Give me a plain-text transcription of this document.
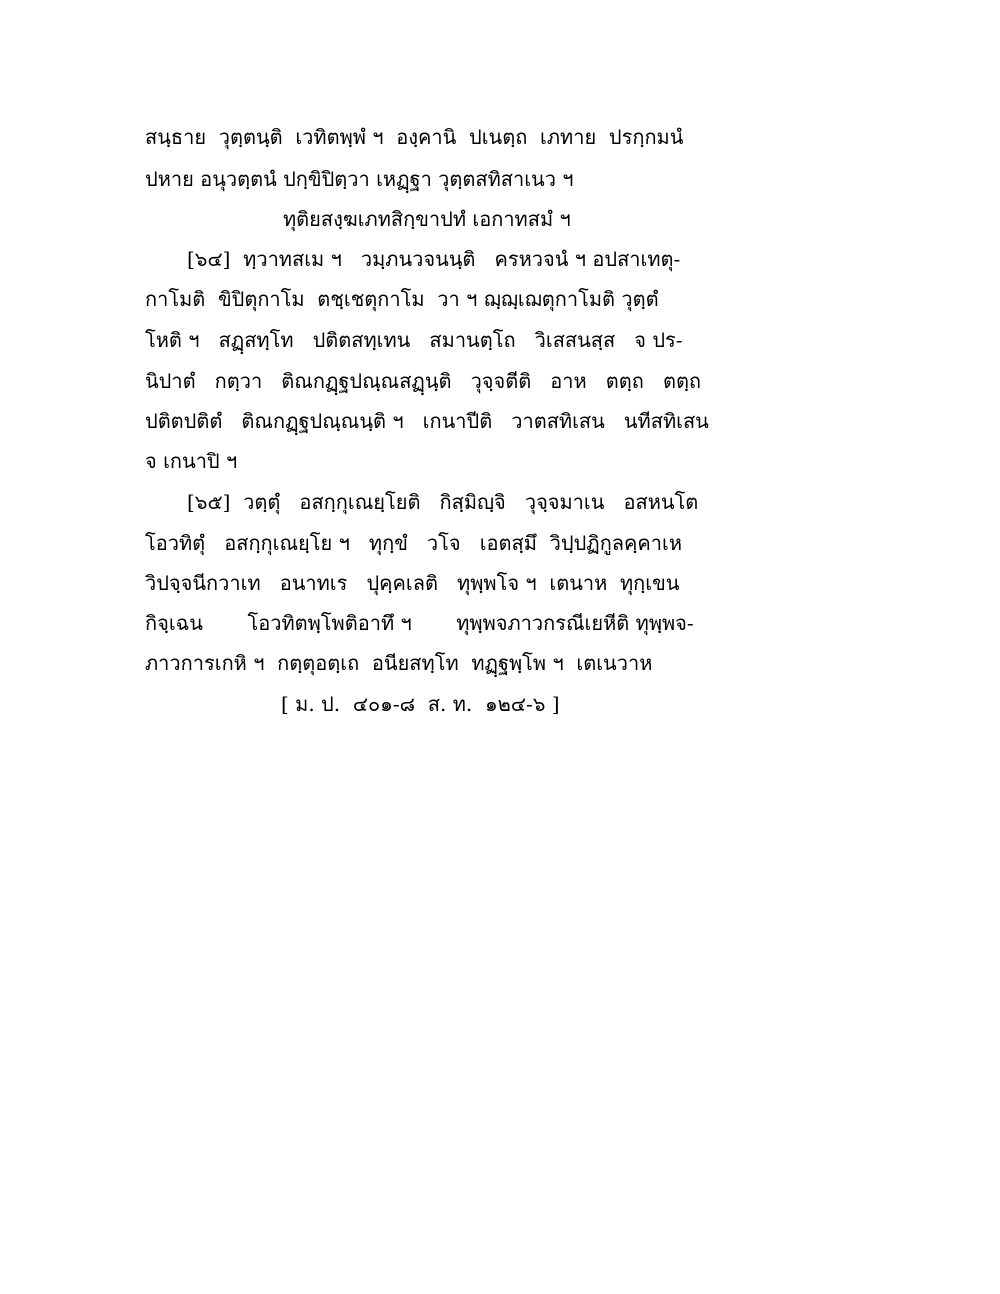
สนฺธาย  วุตฺตนฺติ  เวทิตพฺพํ ฯ  องฺคานิ  ปเนตฺถ  เภทาย  ปรกฺกมนํ
ปหาย อนุวตฺตนํ ปกฺขิปิตฺวา เหฏฺฐา วุตฺตสทิสาเนว ฯ
ทุติยสงฺฆเภทสิกฺขาปทํ เอกาทสมํ ฯ
[๖๔]  ทฺวาทสเม ฯ   วมฺภนวจนนฺติ   ครหวจนํ ฯ อปสาเทตุ-
กาโมติ  ขิปิตุกาโม  ตชฺเชตุกาโม  วา ฯ ฌฺฌฺเฌตุกาโมติ วุตฺตํ
โหติ ฯ   สฏฺสทฺโท   ปติตสทฺเทน   สมานตฺโถ   วิเสสนสฺส   จ ปร-
นิปาตํ   กตฺวา   ติณกฏฺฐปณฺณสฏฺนฺติ   วุจฺจตีติ   อาห   ตตฺถ   ตตฺถ
ปติตปติตํ   ติณกฏฺฐปณฺณนฺติ ฯ   เกนาปีติ   วาตสทิเสน   นทีสทิเสน
จ เกนาปิ ฯ
[๖๕]  วตฺตุํ   อสกฺกุเณยฺโยติ   กิสฺมิญฺจิ   วุจฺจมาเน   อสหนโต
โอวทิตุํ   อสกฺกุเณยฺโย ฯ   ทุกฺขํ   วโจ   เอตสฺมึ  วิปฺปฏิกูลคฺคาเห
วิปจฺจนีกวาเท   อนาทเร   ปุคฺคเลติ   ทุพฺพโจ ฯ  เตนาห  ทุกฺเขน
กิจฺเฉน       โอวทิตพฺโพติอาทึ ฯ       ทุพฺพจภาวกรณีเยหีติ ทุพฺพจ-
ภาวการเกหิ ฯ  กตฺตุอตฺเถ  อนียสทฺโท  ทฏฺฐพฺโพ ฯ  เตเนวาห
[ ม. ป.  ๔๐๑-๘  ส. ท.  ๑๒๔-๖ ]
